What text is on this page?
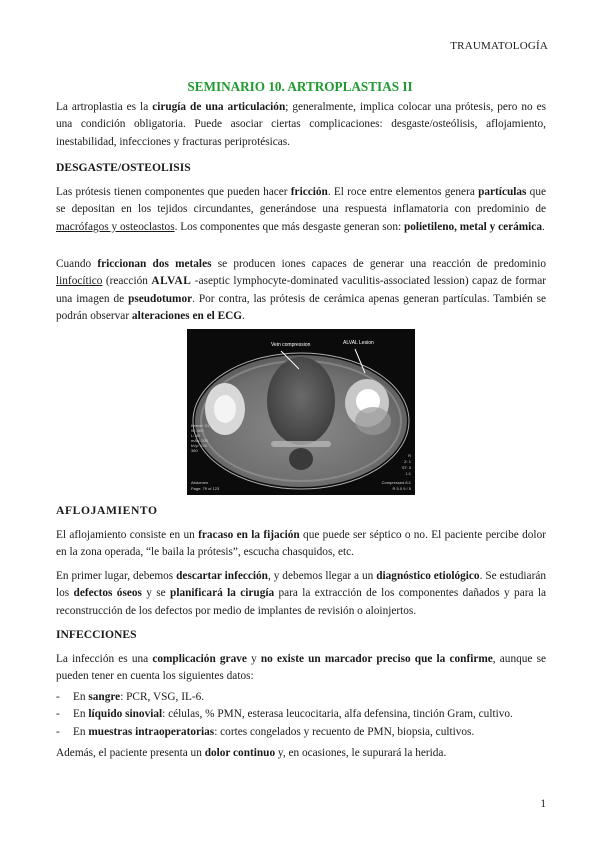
TRAUMATOLOGÍA
SEMINARIO 10. ARTROPLASTIAS II

La artroplastia es la cirugía de una articulación; generalmente, implica colocar una prótesis, pero no es una condición obligatoria. Puede asociar ciertas complicaciones: desgaste/osteólisis, aflojamiento, inestabilidad, infecciones y fracturas periprotésicas.

DESGASTE/OSTEOLISIS

Las prótesis tienen componentes que pueden hacer fricción. El roce entre elementos genera partículas que se depositan en los tejidos circundantes, generándose una respuesta inflamatoria con predominio de macrófagos y osteoclastos. Los componentes que más desgaste generan son: polietileno, metal y cerámica.

Cuando friccionan dos metales se producen iones capaces de generar una reacción de predominio linfocítico (reacción ALVAL -aseptic lymphocyte-dominated vaculitis-associated lession) capaz de formar una imagen de pseudotumor. Por contra, las prótesis de cerámica apenas generan partículas. También se podrán observar alteraciones en el ECG.

Vein compression	ALVAL Lesion
Kernel: 31
W: 400
L: 40
mAs: 200
kVp: 120
360
Abdomen
Page: 79 of 123
R
Z: 1
ST: 3
1:1
Compressed 8:1
R 5.0 9 / 5
AFLOJAMIENTO

El aflojamiento consiste en un fracaso en la fijación que puede ser séptico o no. El paciente percibe dolor en la zona operada, “le baila la prótesis”, escucha chasquidos, etc.

En primer lugar, debemos descartar infección, y debemos llegar a un diagnóstico etiológico. Se estudiarán los defectos óseos y se planificará la cirugía para la extracción de los componentes dañados y para la reconstrucción de los defectos por medio de implantes de revisión o aloinjertos.

INFECCIONES

La infección es una complicación grave y no existe un marcador preciso que la confirme, aunque se pueden tener en cuenta los siguientes datos:

- En sangre: PCR, VSG, IL-6.
- En líquido sinovial: células, % PMN, esterasa leucocitaria, alfa defensina, tinción Gram, cultivo.
- En muestras intraoperatorias: cortes congelados y recuento de PMN, biopsia, cultivos.

Además, el paciente presenta un dolor continuo y, en ocasiones, le supurará la herida.

1
